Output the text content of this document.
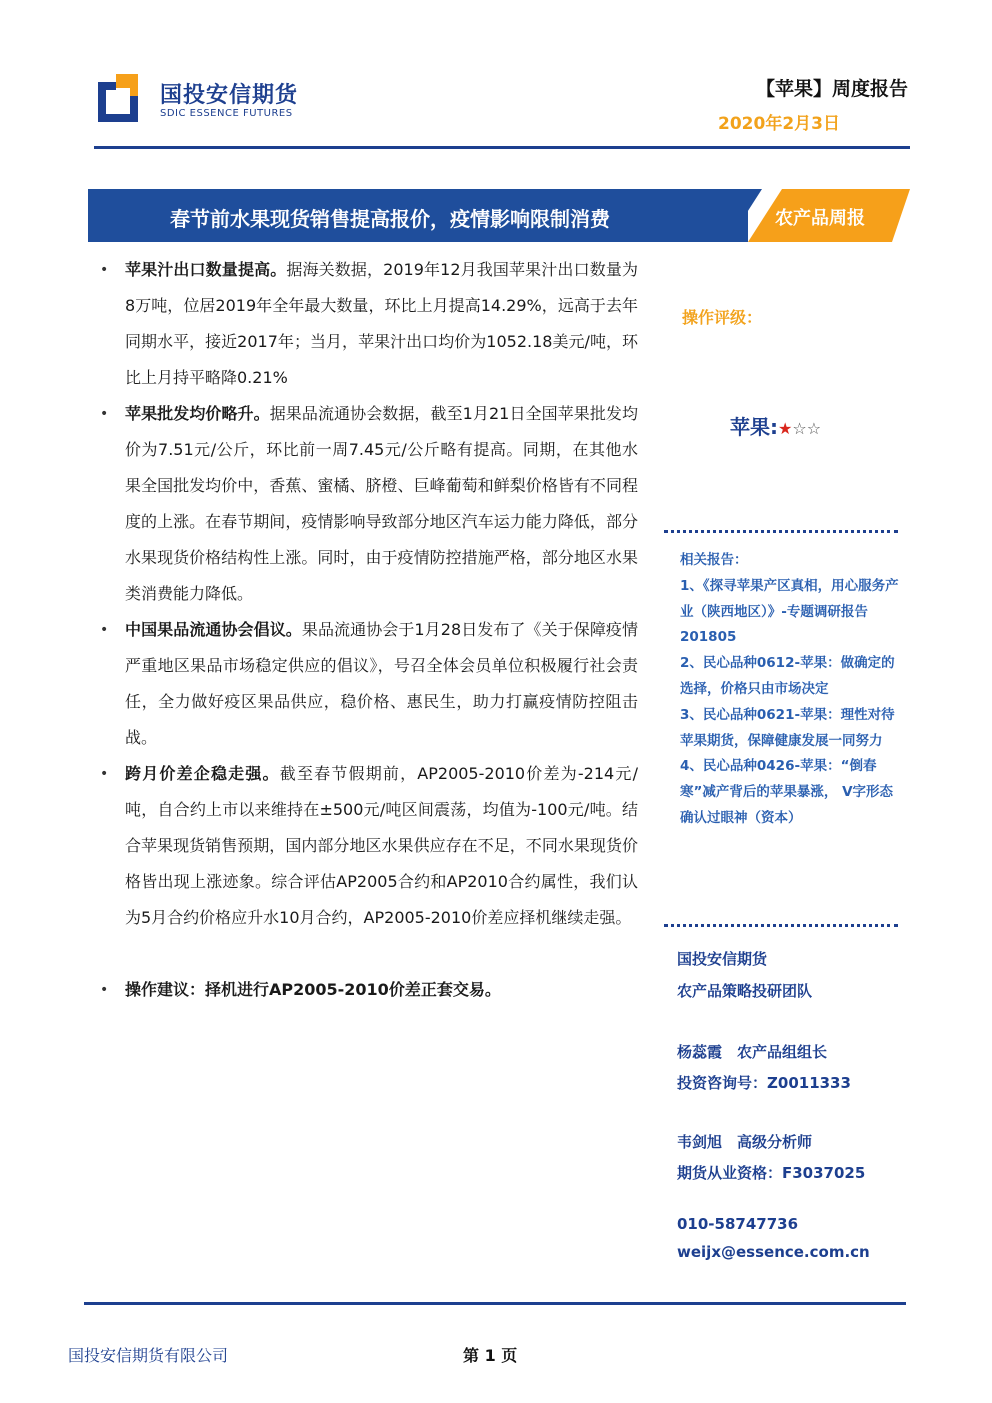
国投安信期货
SDIC ESSENCE FUTURES
【苹果】周度报告
2020年2月3日
春节前水果现货销售提高报价，疫情影响限制消费	农产品周报
• 苹果汁出口数量提高。据海关数据，2019年12月我国苹果汁出口数量为8万吨，位居2019年全年最大数量，环比上月提高14.29%，远高于去年同期水平，接近2017年；当月，苹果汁出口均价为1052.18美元/吨，环比上月持平略降0.21%
• 苹果批发均价略升。据果品流通协会数据，截至1月21日全国苹果批发均价为7.51元/公斤，环比前一周7.45元/公斤略有提高。同期，在其他水果全国批发均价中，香蕉、蜜橘、脐橙、巨峰葡萄和鲜梨价格皆有不同程度的上涨。在春节期间，疫情影响导致部分地区汽车运力能力降低，部分水果现货价格结构性上涨。同时，由于疫情防控措施严格，部分地区水果类消费能力降低。
• 中国果品流通协会倡议。果品流通协会于1月28日发布了《关于保障疫情严重地区果品市场稳定供应的倡议》，号召全体会员单位积极履行社会责任，全力做好疫区果品供应，稳价格、惠民生，助力打赢疫情防控阻击战。
• 跨月价差企稳走强。截至春节假期前，AP2005-2010价差为-214元/吨，自合约上市以来维持在±500元/吨区间震荡，均值为-100元/吨。结合苹果现货销售预期，国内部分地区水果供应存在不足，不同水果现货价格皆出现上涨迹象。综合评估AP2005合约和AP2010合约属性，我们认为5月合约价格应升水10月合约，AP2005-2010价差应择机继续走强。
• 操作建议：择机进行AP2005-2010价差正套交易。
操作评级：
苹果:★☆☆
相关报告：
1、《探寻苹果产区真相，用心服务产业（陕西地区）》-专题调研报告 201805
2、民心品种0612-苹果：做确定的选择，价格只由市场决定
3、民心品种0621-苹果：理性对待苹果期货，保障健康发展一同努力
4、民心品种0426-苹果：“倒春寒”减产背后的苹果暴涨， V字形态确认过眼神（资本）
国投安信期货
农产品策略投研团队
杨蕊霞　农产品组组长
投资咨询号：Z0011333
韦剑旭　高级分析师
期货从业资格：F3037025
010-58747736
weijx@essence.com.cn
国投安信期货有限公司	第 1 页
